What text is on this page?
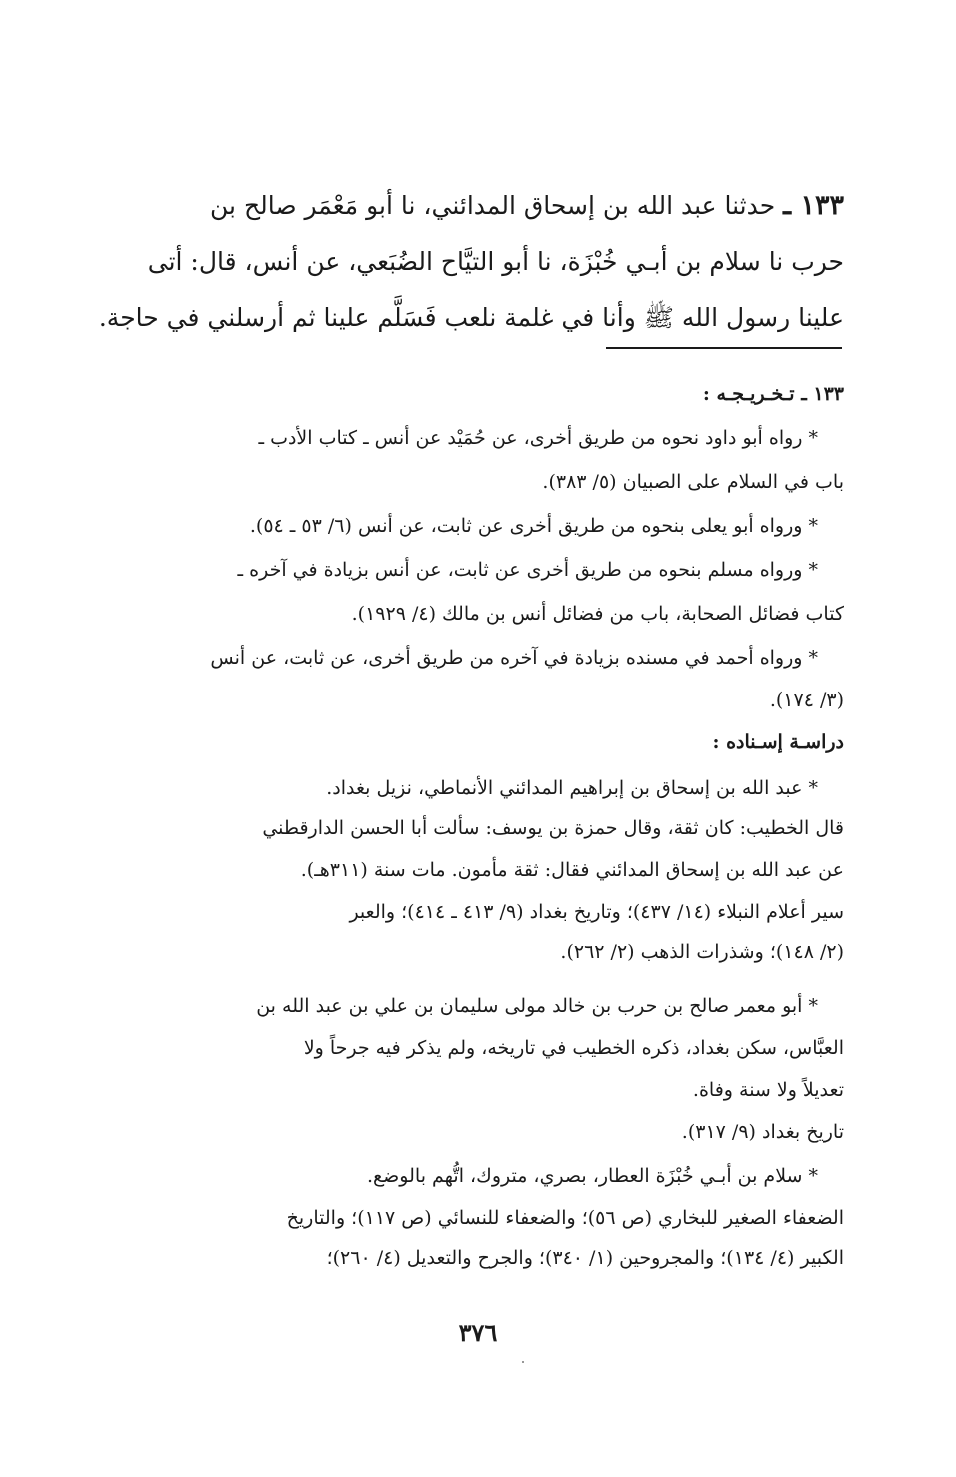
١٣٣ ـ حدثنا عبد الله بن إسحاق المدائني، نا أبو مَعْمَر صالح بن
حرب نا سلام بن أبـي خُبْزَة، نا أبو التيَّاح الضُبَعي، عن أنس، قال: أتى
علينا رسول الله ﷺ وأنا في غلمة نلعب فَسَلَّم علينا ثم أرسلني في حاجة.
١٣٣ ـ تـخـريـجـه :
* رواه أبو داود نحوه من طريق أخرى، عن حُمَيْد عن أنس ـ كتاب الأدب ـ
باب في السلام على الصبيان (٥/ ٣٨٣).
* ورواه أبو يعلى بنحوه من طريق أخرى عن ثابت، عن أنس (٦/ ٥٣ ـ ٥٤).
* ورواه مسلم بنحوه من طريق أخرى عن ثابت، عن أنس بزيادة في آخره ـ
كتاب فضائل الصحابة، باب من فضائل أنس بن مالك (٤/ ١٩٢٩).
* ورواه أحمد في مسنده بزيادة في آخره من طريق أخرى، عن ثابت، عن أنس
(٣/ ١٧٤).
دراسـة إسـناده :
* عبد الله بن إسحاق بن إبراهيم المدائني الأنماطي، نزيل بغداد.
قال الخطيب: كان ثقة، وقال حمزة بن يوسف: سألت أبا الحسن الدارقطني
عن عبد الله بن إسحاق المدائني فقال: ثقة مأمون. مات سنة (٣١١هـ).
سير أعلام النبلاء (١٤/ ٤٣٧)؛ وتاريخ بغداد (٩/ ٤١٣ ـ ٤١٤)؛ والعبر
(٢/ ١٤٨)؛ وشذرات الذهب (٢/ ٢٦٢).
* أبو معمر صالح بن حرب بن خالد مولى سليمان بن علي بن عبد الله بن
العبَّاس، سكن بغداد، ذكره الخطيب في تاريخه، ولم يذكر فيه جرحاً ولا
تعديلاً ولا سنة وفاة.
تاريخ بغداد (٩/ ٣١٧).
* سلام بن أبـي خُبْزَة العطار، بصري، متروك، اتُّهم بالوضع.
الضعفاء الصغير للبخاري (ص ٥٦)؛ والضعفاء للنسائي (ص ١١٧)؛ والتاريخ
الكبير (٤/ ١٣٤)؛ والمجروحين (١/ ٣٤٠)؛ والجرح والتعديل (٤/ ٢٦٠)؛
٣٧٦
